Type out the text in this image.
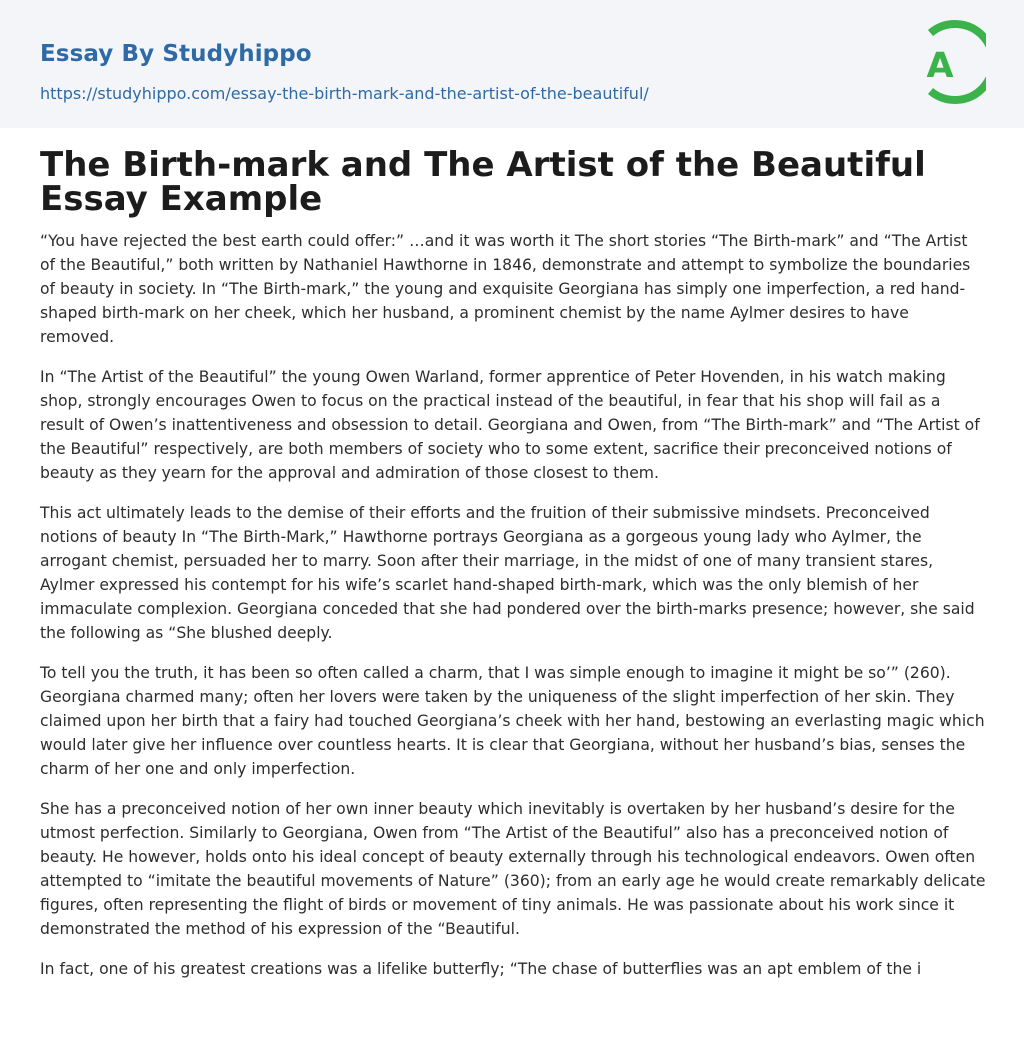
Essay By Studyhippo
https://studyhippo.com/essay-the-birth-mark-and-the-artist-of-the-beautiful/
A
The Birth-mark and The Artist of the Beautiful Essay Example

“You have rejected the best earth could offer:” …and it was worth it The short stories “The Birth-mark” and “The Artist of the Beautiful,” both written by Nathaniel Hawthorne in 1846, demonstrate and attempt to symbolize the boundaries of beauty in society. In “The Birth-mark,” the young and exquisite Georgiana has simply one imperfection, a red hand-shaped birth-mark on her cheek, which her husband, a prominent chemist by the name Aylmer desires to have removed.

In “The Artist of the Beautiful” the young Owen Warland, former apprentice of Peter Hovenden, in his watch making shop, strongly encourages Owen to focus on the practical instead of the beautiful, in fear that his shop will fail as a result of Owen’s inattentiveness and obsession to detail. Georgiana and Owen, from “The Birth-mark” and “The Artist of the Beautiful” respectively, are both members of society who to some extent, sacrifice their preconceived notions of beauty as they yearn for the approval and admiration of those closest to them.

This act ultimately leads to the demise of their efforts and the fruition of their submissive mindsets. Preconceived notions of beauty In “The Birth-Mark,” Hawthorne portrays Georgiana as a gorgeous young lady who Aylmer, the arrogant chemist, persuaded her to marry. Soon after their marriage, in the midst of one of many transient stares, Aylmer expressed his contempt for his wife’s scarlet hand-shaped birth-mark, which was the only blemish of her immaculate complexion. Georgiana conceded that she had pondered over the birth-marks presence; however, she said the following as “She blushed deeply.

To tell you the truth, it has been so often called a charm, that I was simple enough to imagine it might be so’” (260). Georgiana charmed many; often her lovers were taken by the uniqueness of the slight imperfection of her skin. They claimed upon her birth that a fairy had touched Georgiana’s cheek with her hand, bestowing an everlasting magic which would later give her influence over countless hearts. It is clear that Georgiana, without her husband’s bias, senses the charm of her one and only imperfection.

She has a preconceived notion of her own inner beauty which inevitably is overtaken by her husband’s desire for the utmost perfection. Similarly to Georgiana, Owen from “The Artist of the Beautiful” also has a preconceived notion of beauty. He however, holds onto his ideal concept of beauty externally through his technological endeavors. Owen often attempted to “imitate the beautiful movements of Nature” (360); from an early age he would create remarkably delicate figures, often representing the flight of birds or movement of tiny animals. He was passionate about his work since it demonstrated the method of his expression of the “Beautiful.

In fact, one of his greatest creations was a lifelike butterfly; “The chase of butterflies was an apt emblem of the i
